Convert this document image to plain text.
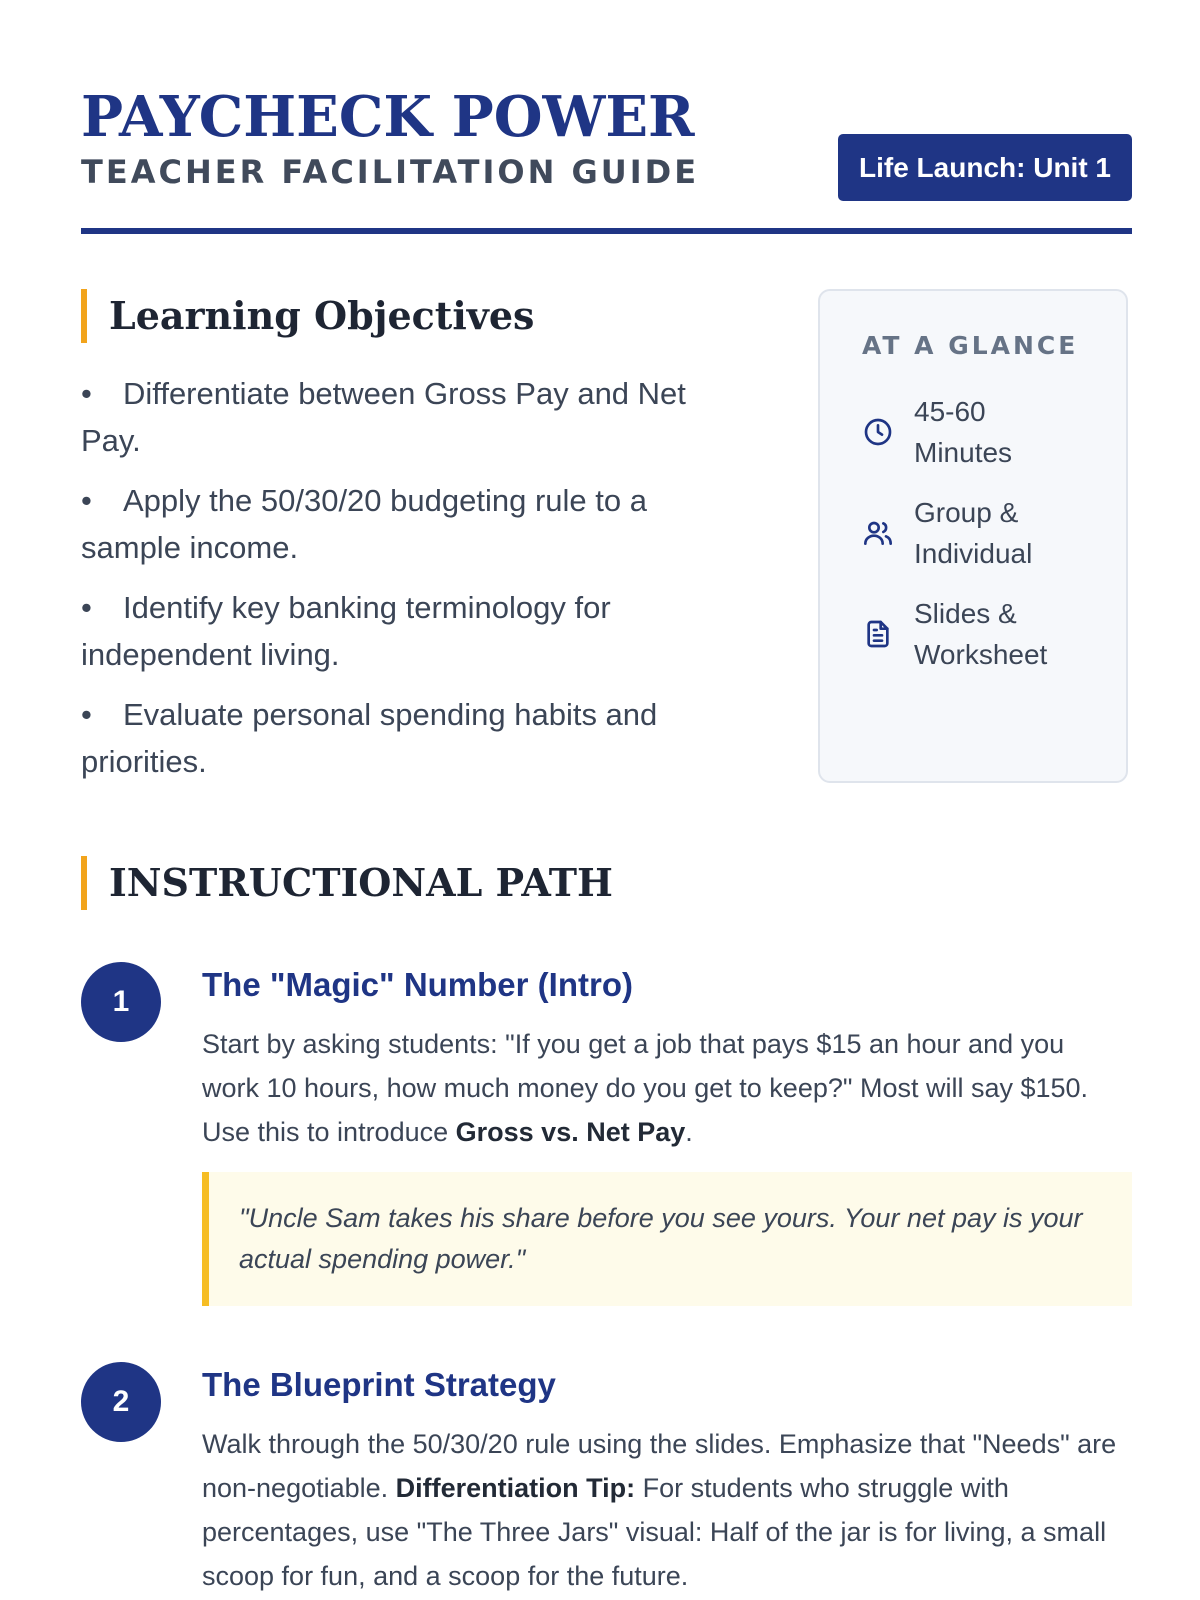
PAYCHECK POWER
TEACHER FACILITATION GUIDE	Life Launch: Unit 1
Learning Objectives
• Differentiate between Gross Pay and Net Pay.
• Apply the 50/30/20 budgeting rule to a sample income.
• Identify key banking terminology for independent living.
• Evaluate personal spending habits and priorities.
AT A GLANCE
45-60
Minutes
Group &
Individual
Slides &
Worksheet
INSTRUCTIONAL PATH
1	The "Magic" Number (Intro)
Start by asking students: "If you get a job that pays $15 an hour and you work 10 hours, how much money do you get to keep?" Most will say $150. Use this to introduce Gross vs. Net Pay.
"Uncle Sam takes his share before you see yours. Your net pay is your actual spending power."
2	The Blueprint Strategy
Walk through the 50/30/20 rule using the slides. Emphasize that "Needs" are non-negotiable. Differentiation Tip: For students who struggle with percentages, use "The Three Jars" visual: Half of the jar is for living, a small scoop for fun, and a scoop for the future.
